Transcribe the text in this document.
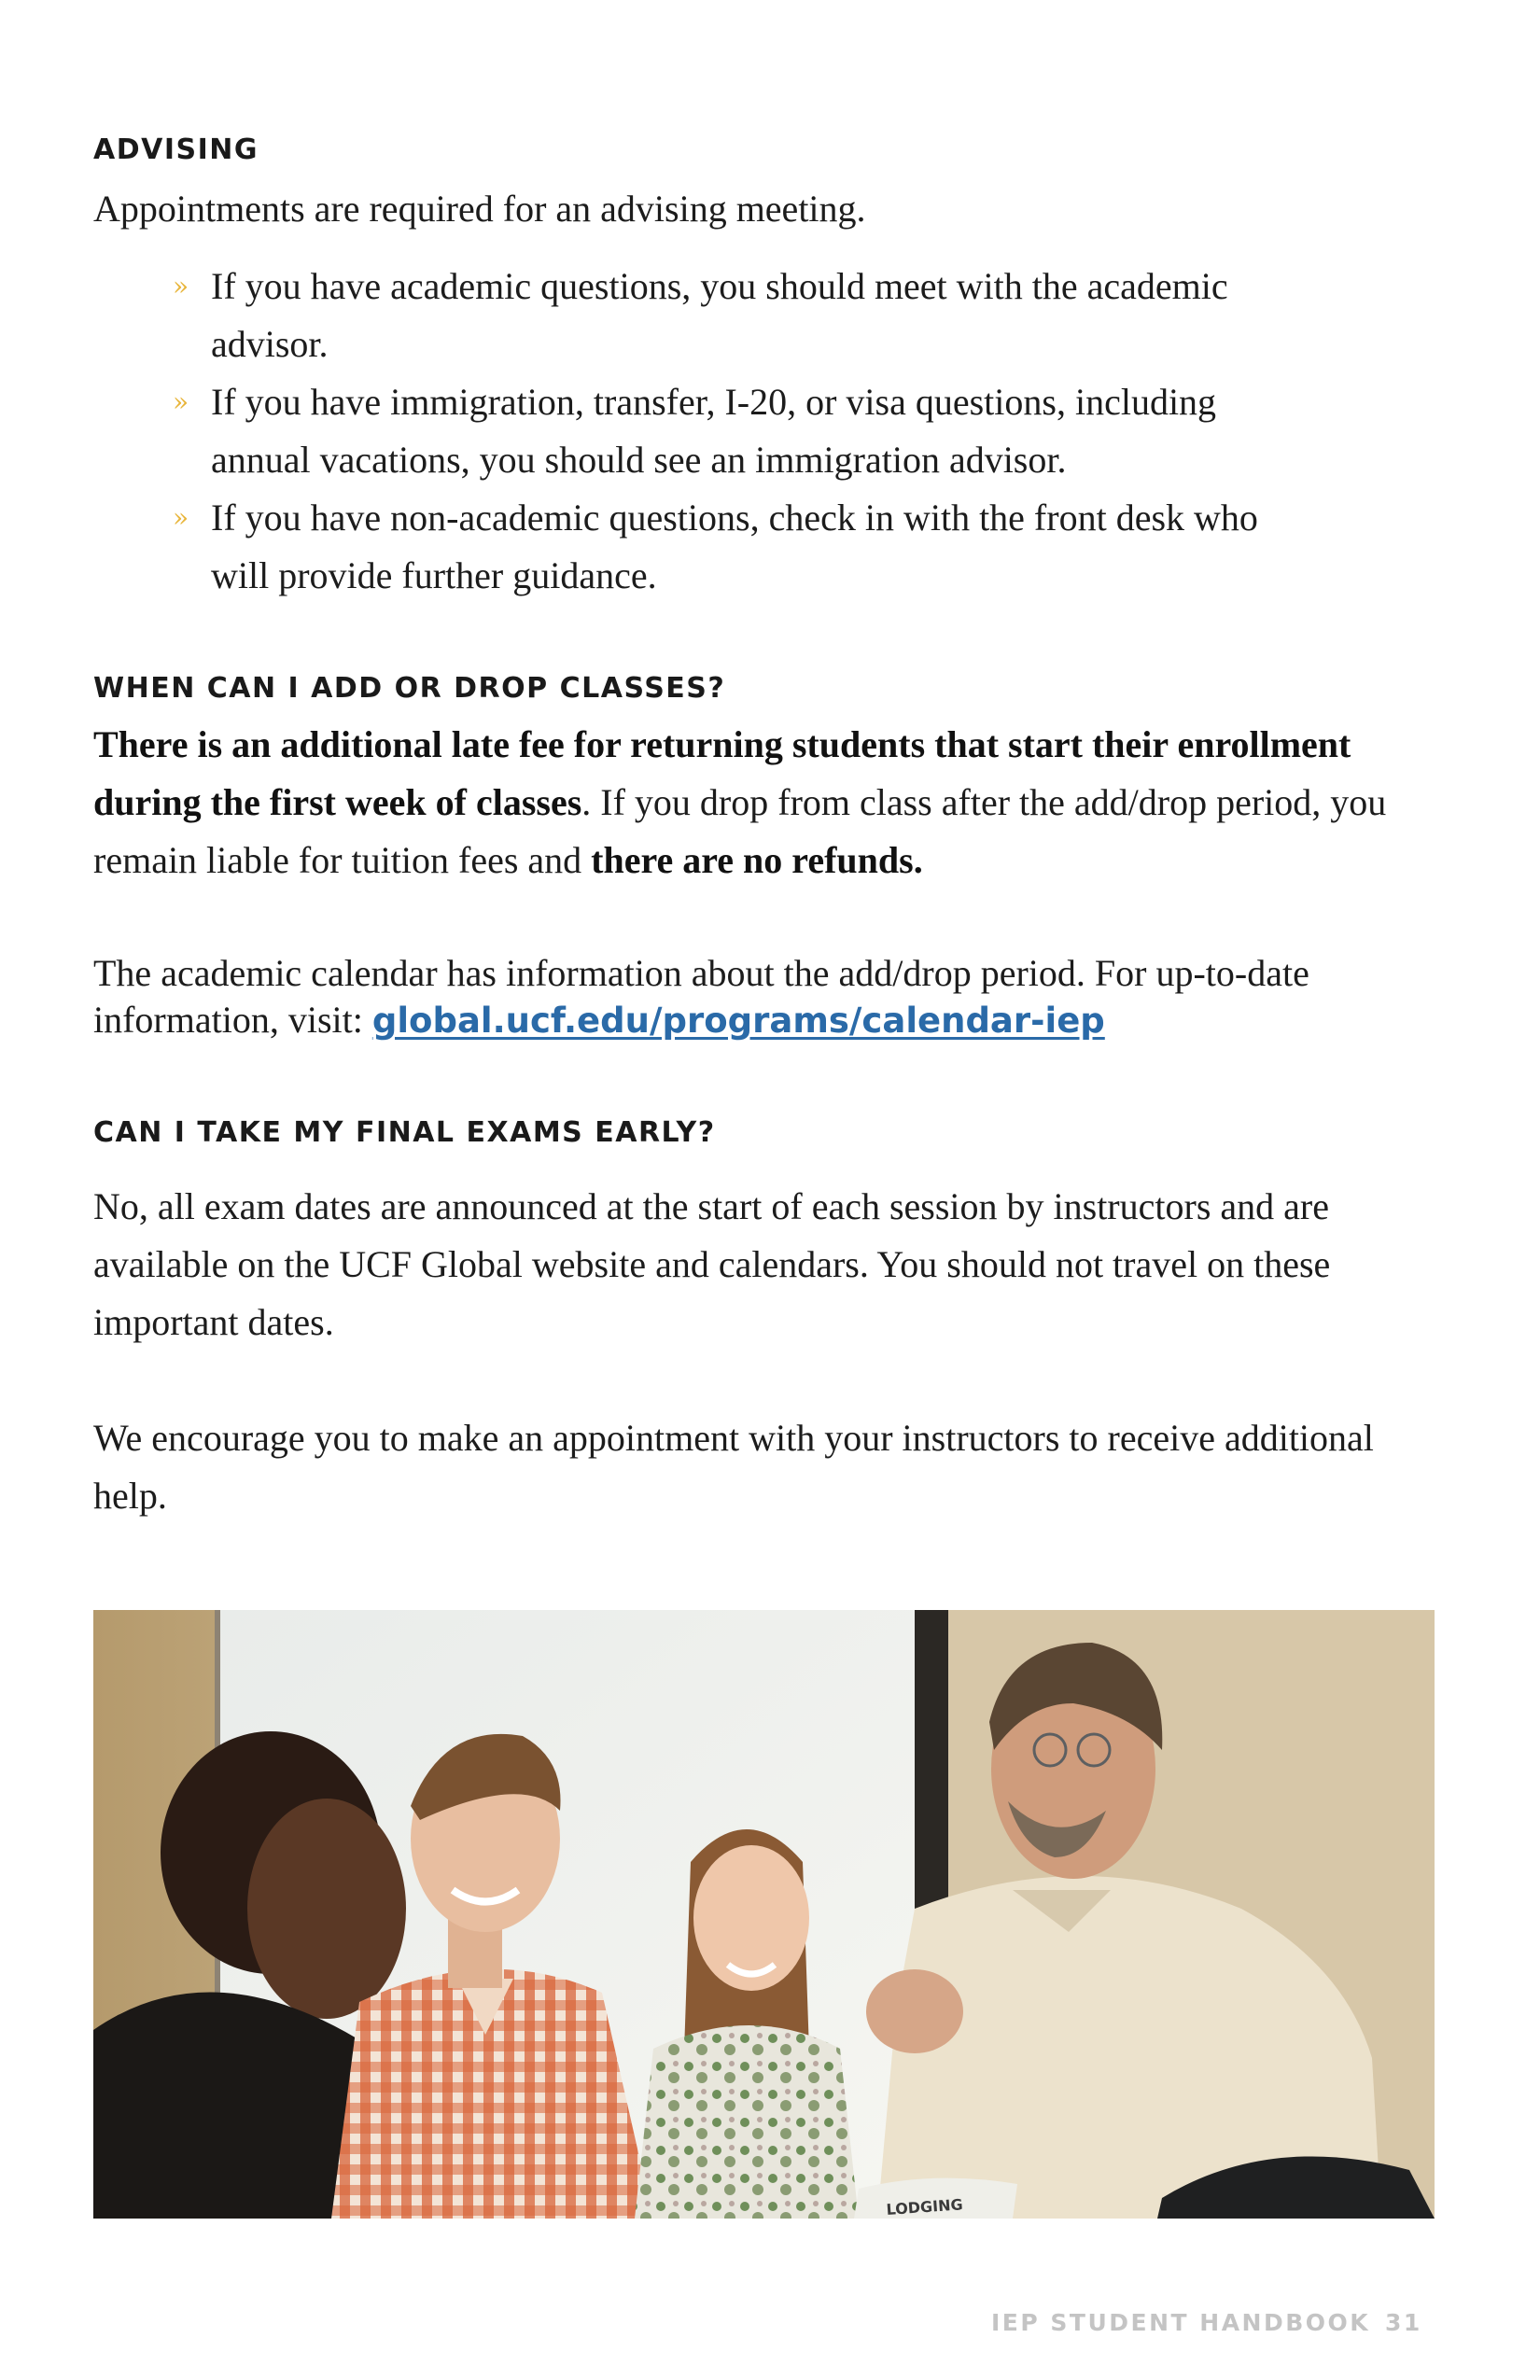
ADVISING

Appointments are required for an advising meeting.

» If you have academic questions, you should meet with the academic advisor.
» If you have immigration, transfer, I-20, or visa questions, including annual vacations, you should see an immigration advisor.
» If you have non-academic questions, check in with the front desk who will provide further guidance.
WHEN CAN I ADD OR DROP CLASSES?

There is an additional late fee for returning students that start their enrollment during the first week of classes. If you drop from class after the add/drop period, you remain liable for tuition fees and there are no refunds.

The academic calendar has information about the add/drop period. For up-to-date information, visit: global.ucf.edu/programs/calendar-iep

CAN I TAKE MY FINAL EXAMS EARLY?

No, all exam dates are announced at the start of each session by instructors and are available on the UCF Global website and calendars. You should not travel on these important dates.

We encourage you to make an appointment with your instructors to receive additional help.

LODGING
IEP STUDENT HANDBOOK 31
